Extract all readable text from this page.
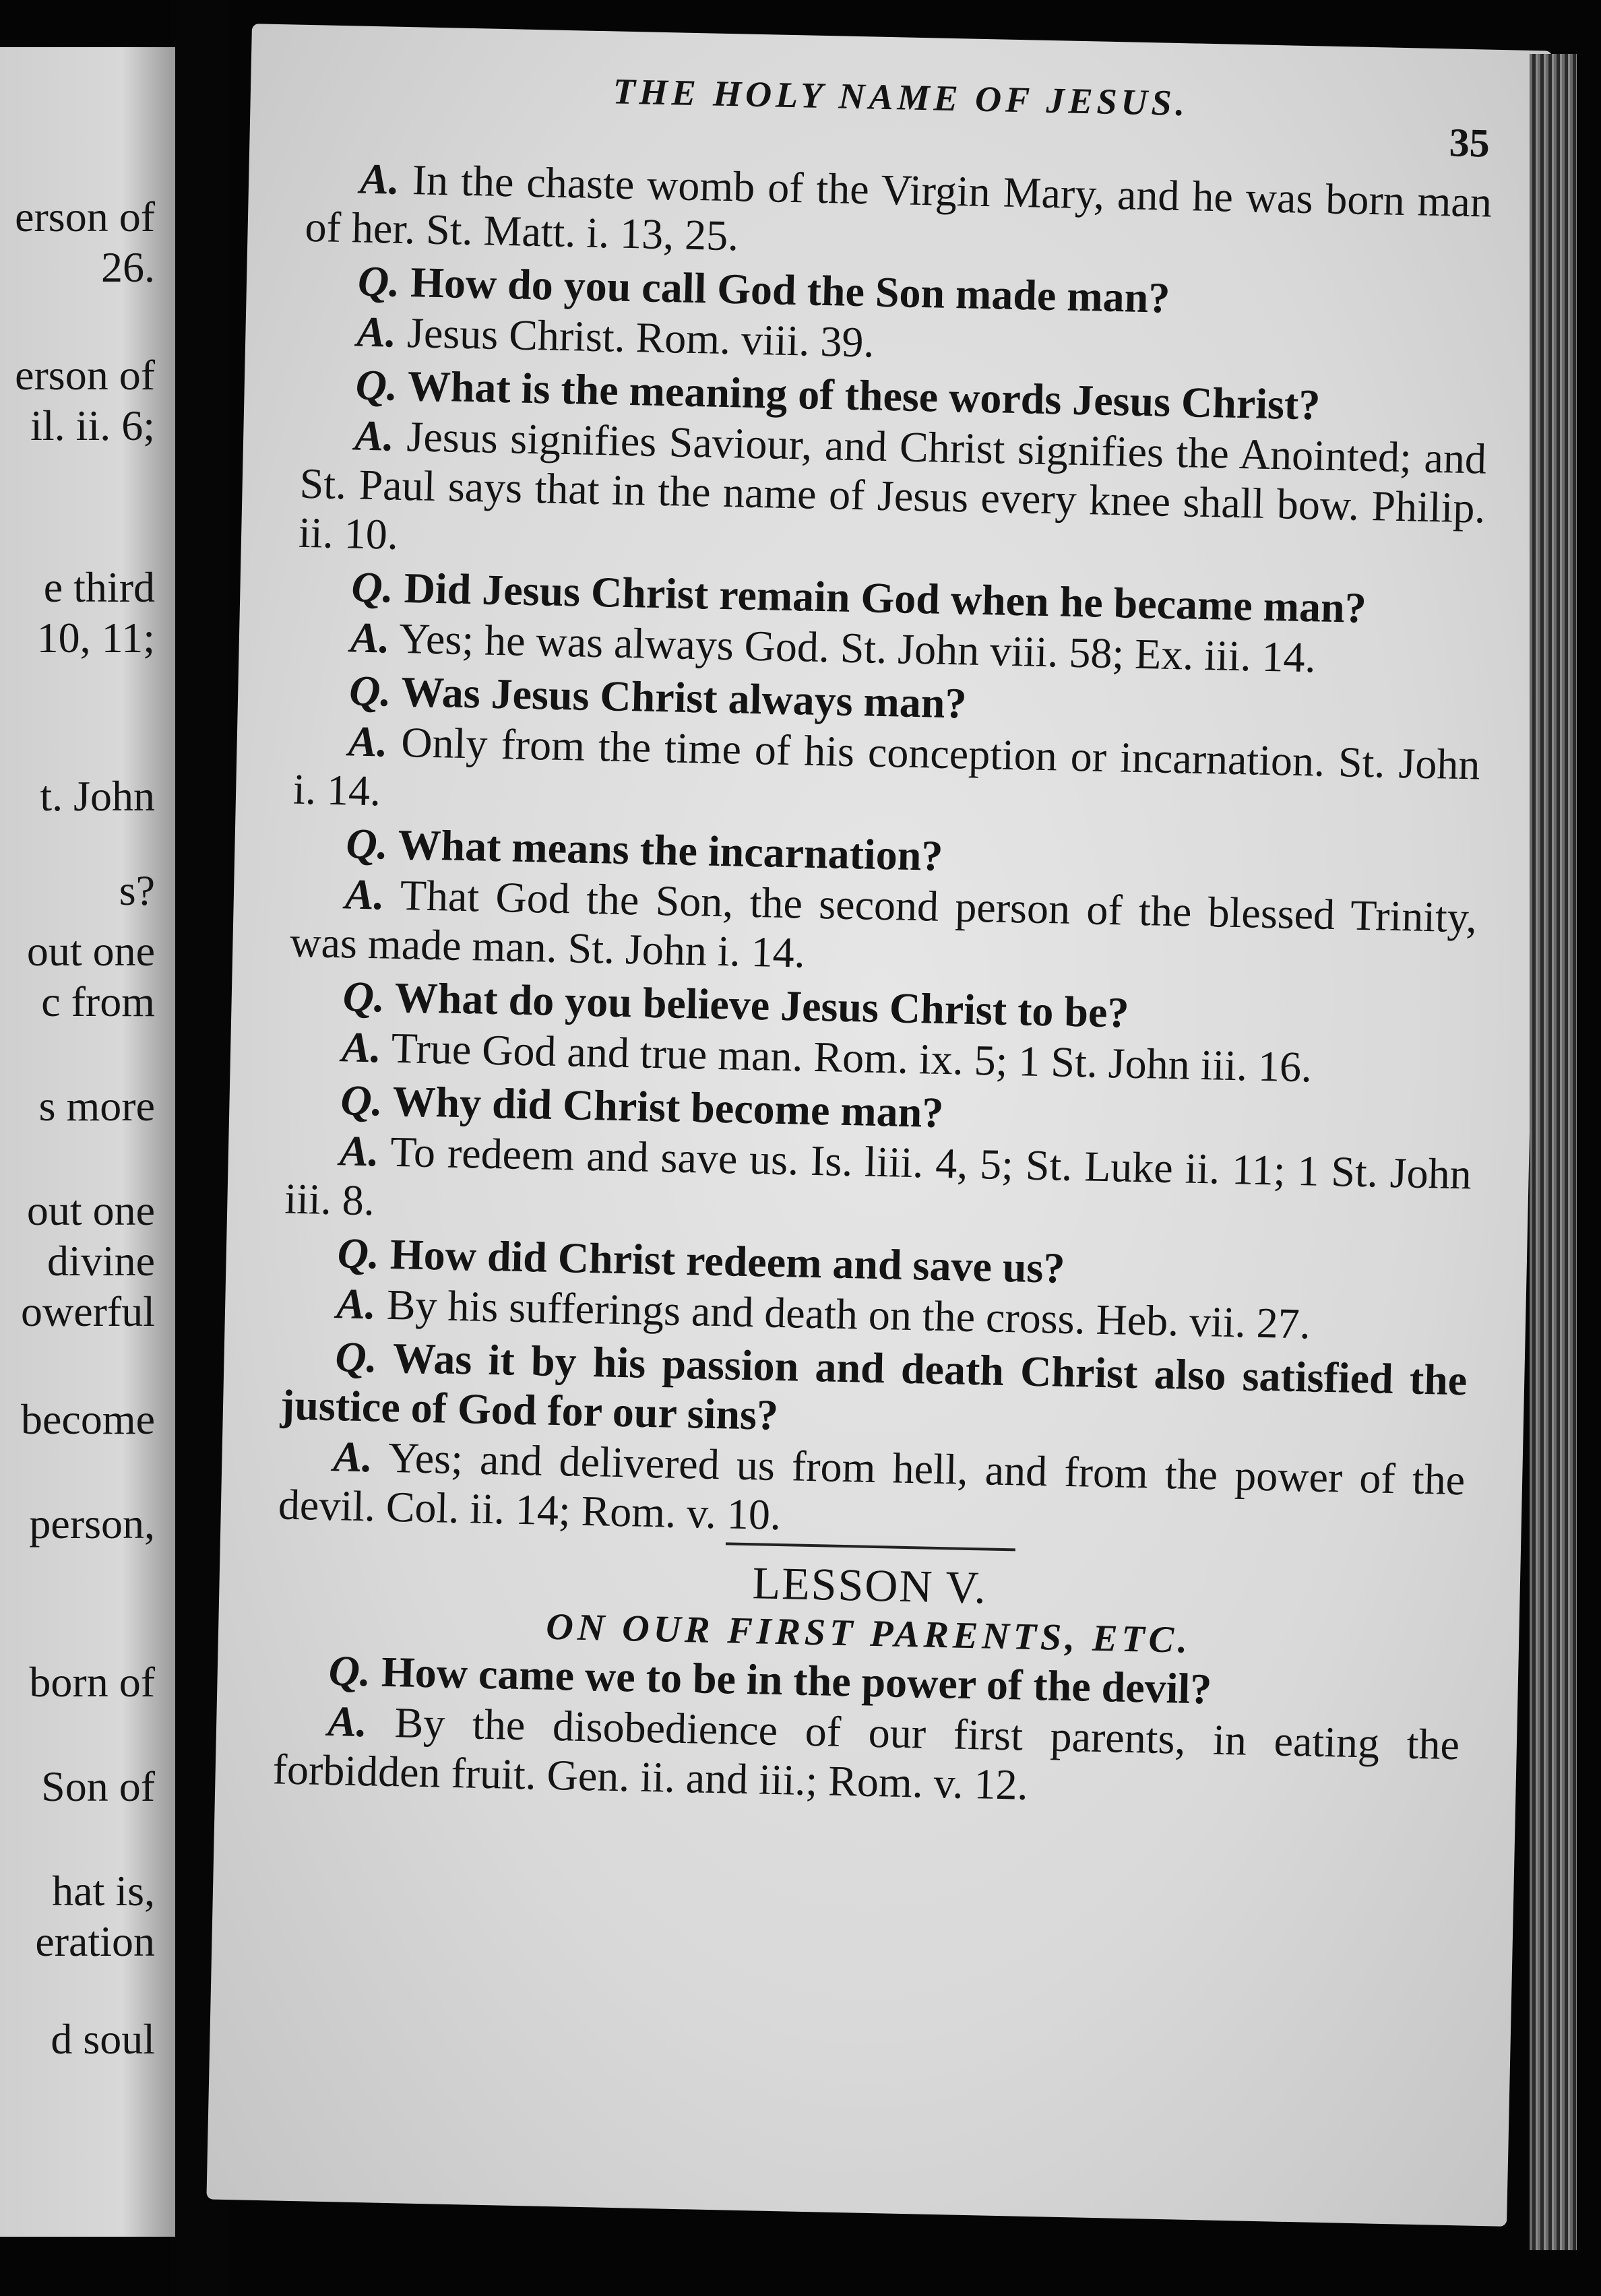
erson of
26.
erson of
il. ii. 6;
e third
10, 11;
t. John
s?
out one
c from
s more
out one
divine
owerful
become
person,
born of
Son of
hat is,
eration
d soul
THE HOLY NAME OF JESUS.
35

A. In the chaste womb of the Virgin Mary, and he was born man of her. St. Matt. i. 13, 25.

Q. How do you call God the Son made man?

A. Jesus Christ. Rom. viii. 39.

Q. What is the meaning of these words Jesus Christ?

A. Jesus signifies Saviour, and Christ signifies the Anointed; and St. Paul says that in the name of Jesus every knee shall bow. Philip. ii. 10.

Q. Did Jesus Christ remain God when he became man?

A. Yes; he was always God. St. John viii. 58; Ex. iii. 14.

Q. Was Jesus Christ always man?

A. Only from the time of his conception or incarnation. St. John i. 14.

Q. What means the incarnation?

A. That God the Son, the second person of the blessed Trinity, was made man. St. John i. 14.

Q. What do you believe Jesus Christ to be?

A. True God and true man. Rom. ix. 5; 1 St. John iii. 16.

Q. Why did Christ become man?

A. To redeem and save us. Is. liii. 4, 5; St. Luke ii. 11; 1 St. John iii. 8.

Q. How did Christ redeem and save us?

A. By his sufferings and death on the cross. Heb. vii. 27.

Q. Was it by his passion and death Christ also satisfied the justice of God for our sins?

A. Yes; and delivered us from hell, and from the power of the devil. Col. ii. 14; Rom. v. 10.

LESSON V.
ON OUR FIRST PARENTS, ETC.

Q. How came we to be in the power of the devil?

A. By the disobedience of our first parents, in eating the forbidden fruit. Gen. ii. and iii.; Rom. v. 12.
